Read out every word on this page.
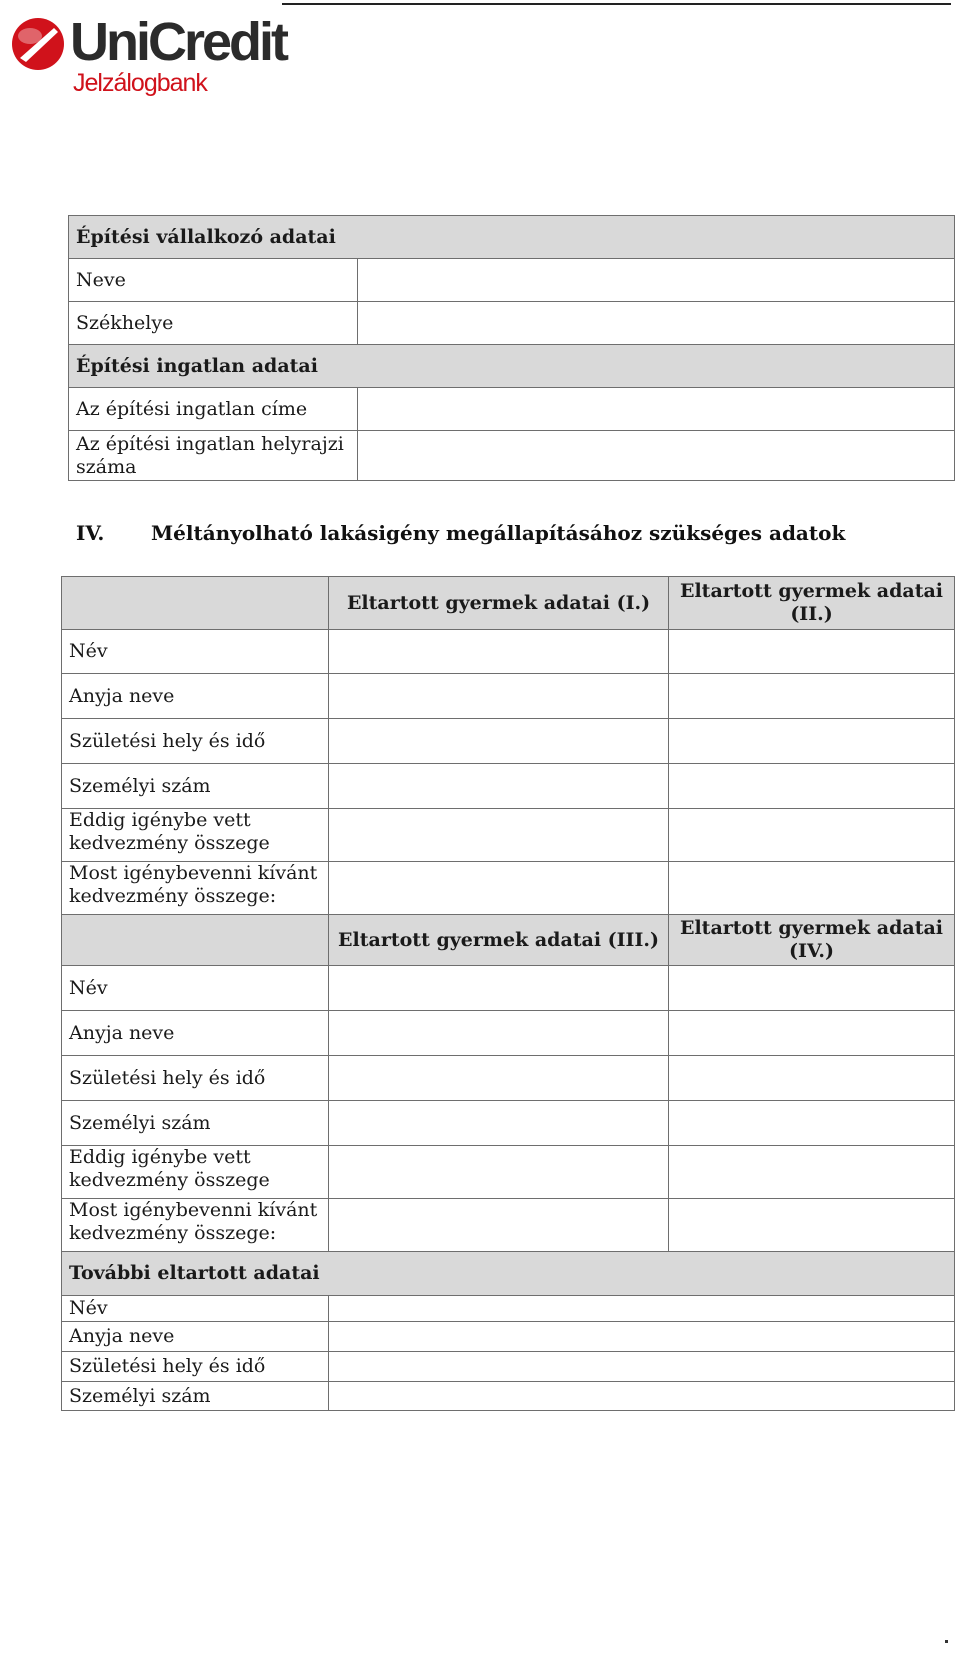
UniCredit
Jelzálogbank
Építési vállalkozó adatai	
Neve	
Székhelye	
Építési ingatlan adatai	
Az építési ingatlan címe	
Az építési ingatlan helyrajzi száma	
IV.	Méltányolható lakásigény megállapításához szükséges adatok
	Eltartott gyermek adatai (I.)	Eltartott gyermek adatai (II.)
Név		
Anyja neve		
Születési hely és idő		
Személyi szám		
Eddig igénybe vett kedvezmény összege		
Most igénybevenni kívánt kedvezmény összege:		
	Eltartott gyermek adatai (III.)	Eltartott gyermek adatai (IV.)
Név		
Anyja neve		
Születési hely és idő		
Személyi szám		
Eddig igénybe vett kedvezmény összege		
Most igénybevenni kívánt kedvezmény összege:		
További eltartott adatai		
Név		
Anyja neve		
Születési hely és idő		
Személyi szám		
